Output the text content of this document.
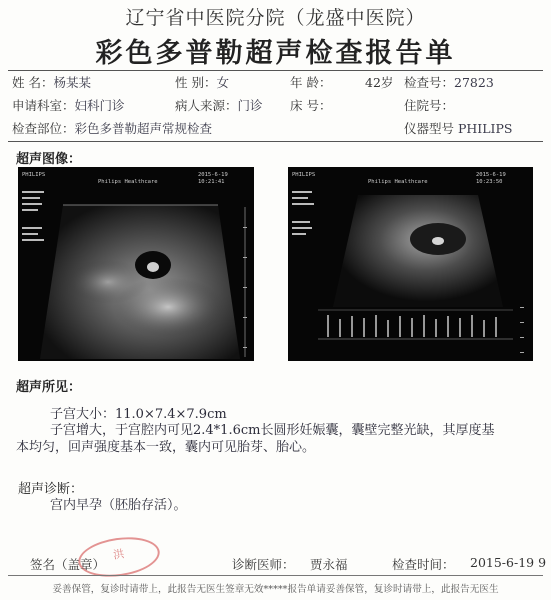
辽宁省中医院分院（龙盛中医院）
彩色多普勒超声检查报告单
姓 名：杨某某	性 别：女	年 龄：	42岁 检查号：27823
申请科室：妇科门诊	病人来源：门诊 床 号：	住院号：
检查部位：彩色多普勒超声常规检查	仪器型号 PHILIPS
超声图像：
PHILIPS
Philips Healthcare
2015-6-19
10:21:41
PHILIPS
Philips Healthcare
2015-6-19
10:23:50
超声所见：
子宫大小：11.0×7.4×7.9cm
子宫增大，于宫腔内可见2.4*1.6cm长圆形妊娠囊，囊壁完整光缺，其厚度基
本均匀，回声强度基本一致，囊内可见胎芽、胎心。
超声诊断：
宫内早孕（胚胎存活）。
洪
签名（盖章）	诊断医师： 贾永福	检查时间： 2015-6-19 9
妥善保管，复诊时请带上，此报告无医生签章无效*****报告单请妥善保管，复诊时请带上，此报告无医生
